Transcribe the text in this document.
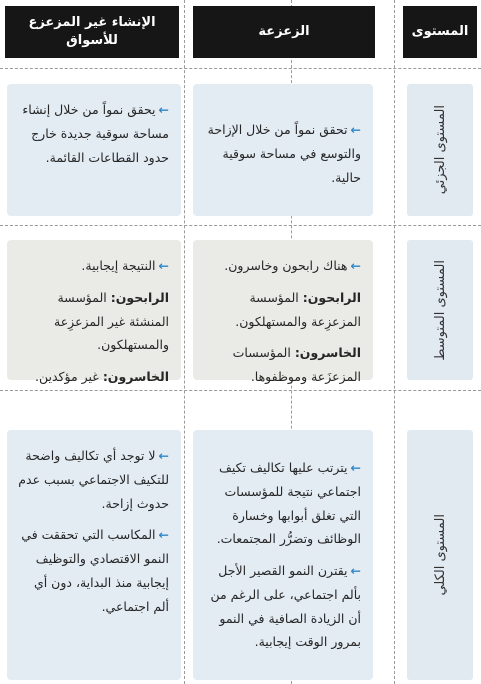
المستوى
الزعزعة
الإنشاء غير المزعزع للأسواق
المستوى الجزئي

←تحقق نمواً من خلال الإزاحة والتوسع في مساحة سوقية حالية.

←يحقق نمواً من خلال إنشاء مساحة سوقية جديدة خارج حدود القطاعات القائمة.

المستوى المتوسط

←هناك رابحون وخاسرون.

الرابحون: المؤسسة المزعزِعة والمستهلكون.

الخاسرون: المؤسسات المزعزَعة وموظفوها.

←النتيجة إيجابية.

الرابحون: المؤسسة المنشئة غير المزعزِعة والمستهلكون.

الخاسرون: غير مؤكدين.

المستوى الكلي

←يترتب عليها تكاليف تكيف اجتماعي نتيجة للمؤسسات التي تغلق أبوابها وخسارة الوظائف وتضرُّر المجتمعات.

←يقترن النمو القصير الأجل بألم اجتماعي، على الرغم من أن الزيادة الصافية في النمو بمرور الوقت إيجابية.

←لا توجد أي تكاليف واضحة للتكيف الاجتماعي بسبب عدم حدوث إزاحة.

←المكاسب التي تحققت في النمو الاقتصادي والتوظيف إيجابية منذ البداية، دون أي ألم اجتماعي.
